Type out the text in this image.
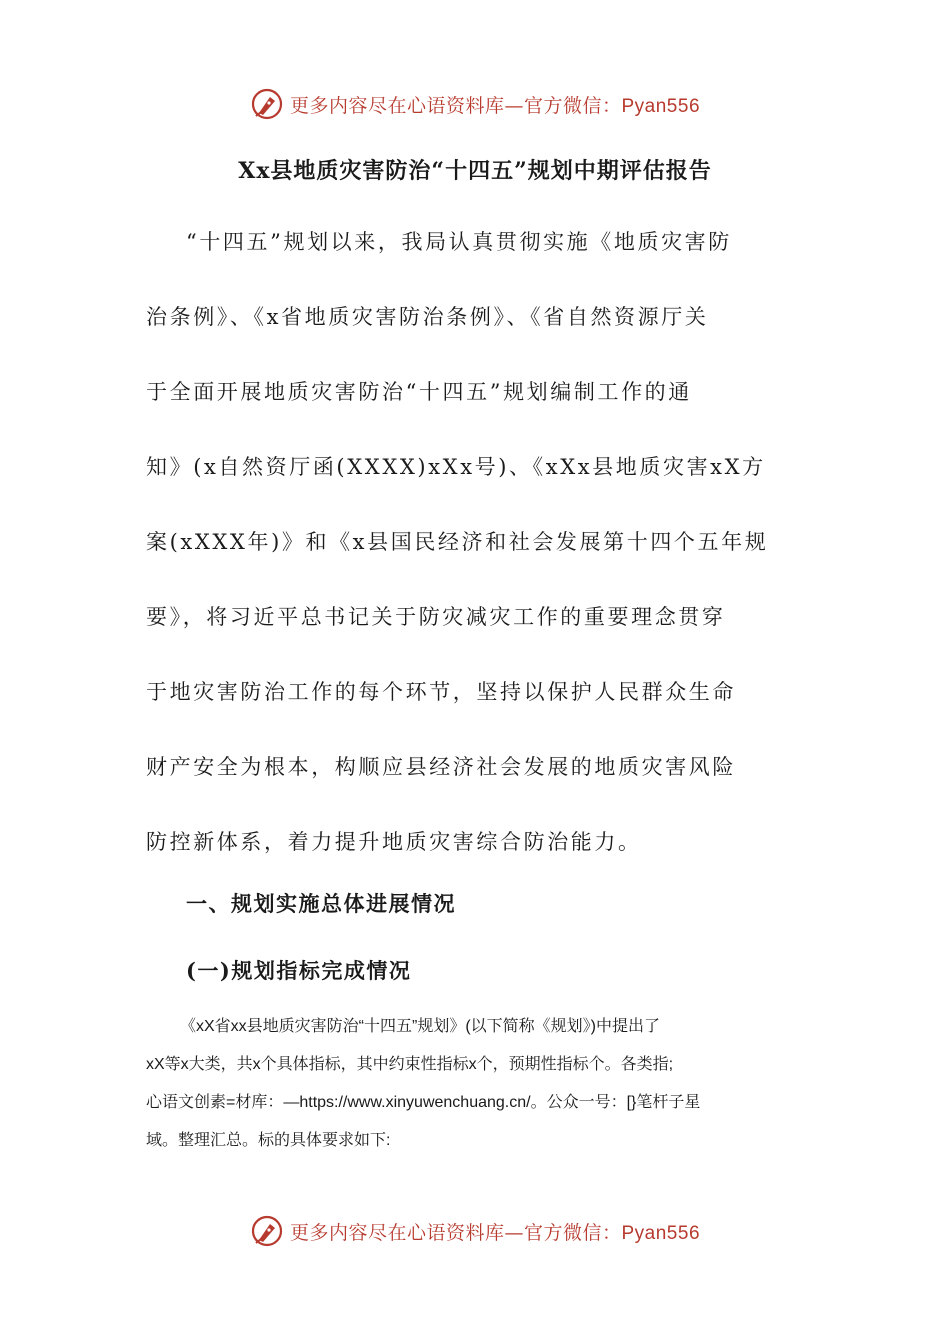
更多内容尽在心语资料库—官方微信：Pyan556
Xx县地质灾害防治“十四五”规划中期评估报告
“十四五”规划以来，我局认真贯彻实施《地质灾害防
治条例》、《x省地质灾害防治条例》、《省自然资源厅关
于全面开展地质灾害防治“十四五”规划编制工作的通
知》(x自然资厅函(XXXX)xXx号)、《xXx县地质灾害xX方
案(xXXX年)》和《x县国民经济和社会发展第十四个五年规
要》，将习近平总书记关于防灾减灾工作的重要理念贯穿
于地灾害防治工作的每个环节，坚持以保护人民群众生命
财产安全为根本，构顺应县经济社会发展的地质灾害风险
防控新体系，着力提升地质灾害综合防治能力。
一、规划实施总体进展情况
(一)规划指标完成情况
《xX省xx县地质灾害防治“十四五”规划》(以下简称《规划》)中提出了
xX等x大类，共x个具体指标，其中约束性指标x个，预期性指标个。各类指;
心语文创素=材库：—https://www.xinyuwenchuang.cn/。公众一号：[}笔杆子星
域。整理汇总。标的具体要求如下:
更多内容尽在心语资料库—官方微信：Pyan556
